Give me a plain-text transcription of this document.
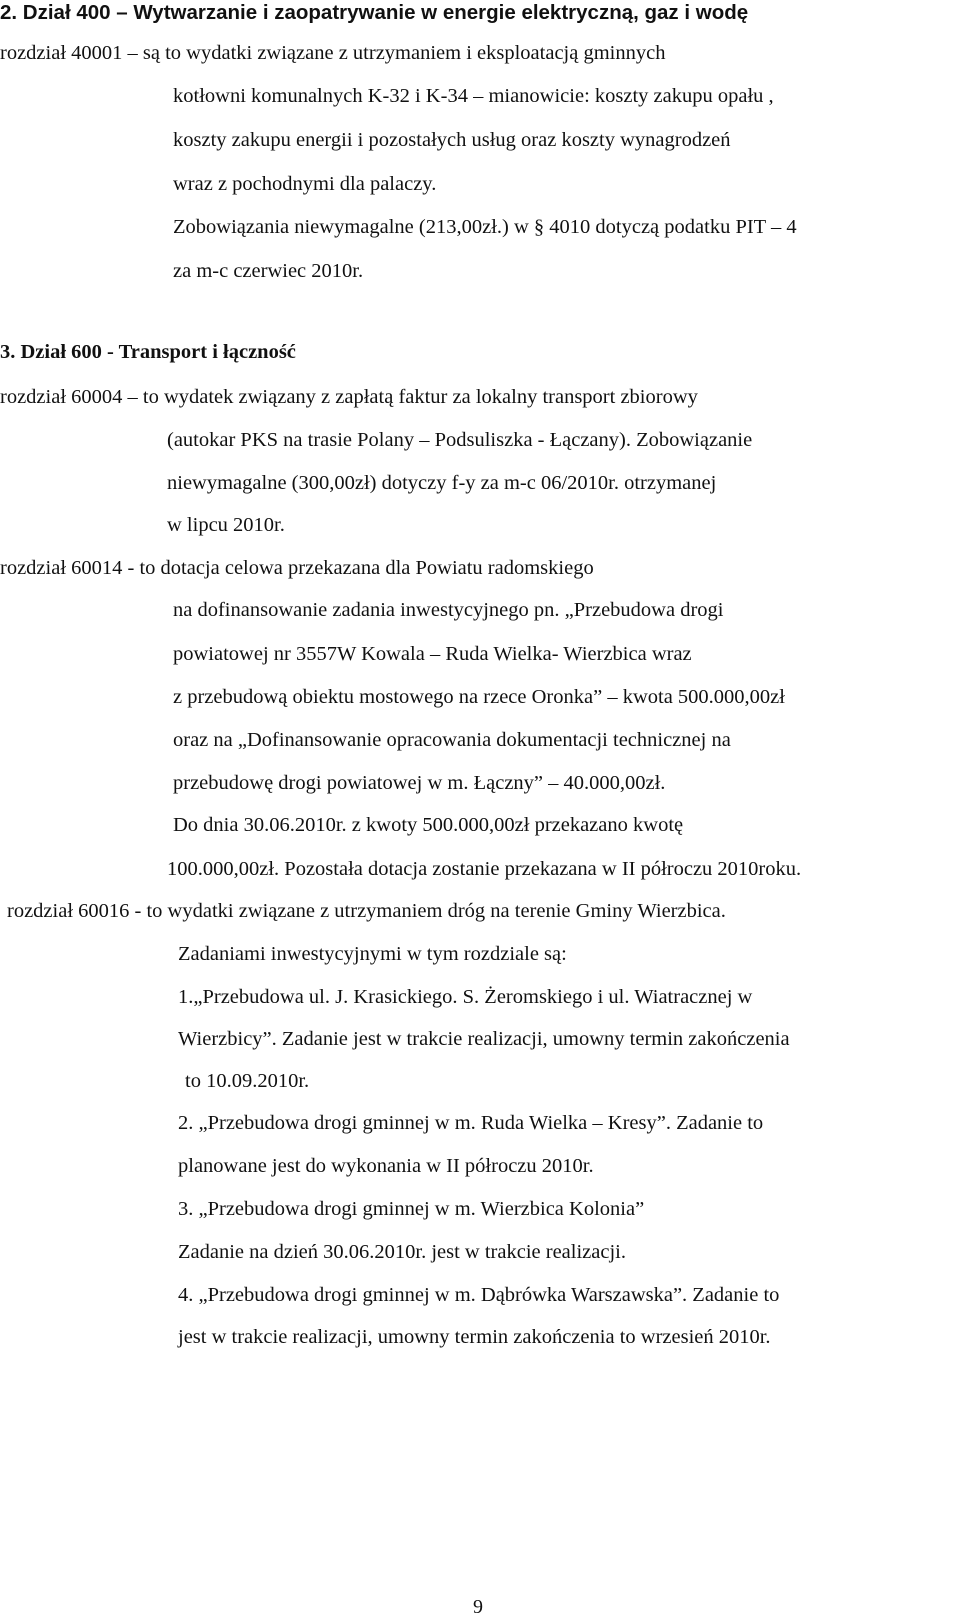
2. Dział 400 – Wytwarzanie i zaopatrywanie w energie elektryczną, gaz i wodę
rozdział 40001 – są to wydatki związane z utrzymaniem i eksploatacją gminnych
kotłowni komunalnych K-32 i K-34 – mianowicie: koszty zakupu opału ,
koszty zakupu energii i pozostałych usług oraz koszty wynagrodzeń
wraz z pochodnymi dla palaczy.
Zobowiązania niewymagalne (213,00zł.) w § 4010 dotyczą podatku PIT – 4
za m-c czerwiec 2010r.
3. Dział 600 - Transport i łączność
rozdział 60004 – to wydatek związany z zapłatą faktur za lokalny transport zbiorowy
(autokar PKS na trasie Polany – Podsuliszka - Łączany). Zobowiązanie
niewymagalne (300,00zł) dotyczy f-y za m-c 06/2010r. otrzymanej
w lipcu 2010r.
rozdział 60014 - to dotacja celowa przekazana dla Powiatu radomskiego
na dofinansowanie zadania inwestycyjnego pn. „Przebudowa drogi
powiatowej nr 3557W Kowala – Ruda Wielka- Wierzbica wraz
z przebudową obiektu mostowego na rzece Oronka” – kwota 500.000,00zł
oraz na „Dofinansowanie opracowania dokumentacji technicznej na
przebudowę drogi powiatowej w m. Łączny” – 40.000,00zł.
Do dnia 30.06.2010r. z kwoty 500.000,00zł przekazano kwotę
100.000,00zł. Pozostała dotacja zostanie przekazana w II półroczu 2010roku.
rozdział 60016 - to wydatki związane z utrzymaniem dróg na terenie Gminy Wierzbica.
Zadaniami inwestycyjnymi w tym rozdziale są:
1.„Przebudowa ul. J. Krasickiego. S. Żeromskiego i ul. Wiatracznej w
Wierzbicy”. Zadanie jest w trakcie realizacji, umowny termin zakończenia
to 10.09.2010r.
2. „Przebudowa drogi gminnej w m. Ruda Wielka – Kresy”. Zadanie to
planowane jest do wykonania w II półroczu 2010r.
3. „Przebudowa drogi gminnej w m. Wierzbica Kolonia”
Zadanie na dzień 30.06.2010r. jest w trakcie realizacji.
4. „Przebudowa drogi gminnej w m. Dąbrówka Warszawska”. Zadanie to
jest w trakcie realizacji, umowny termin zakończenia to wrzesień 2010r.
9
